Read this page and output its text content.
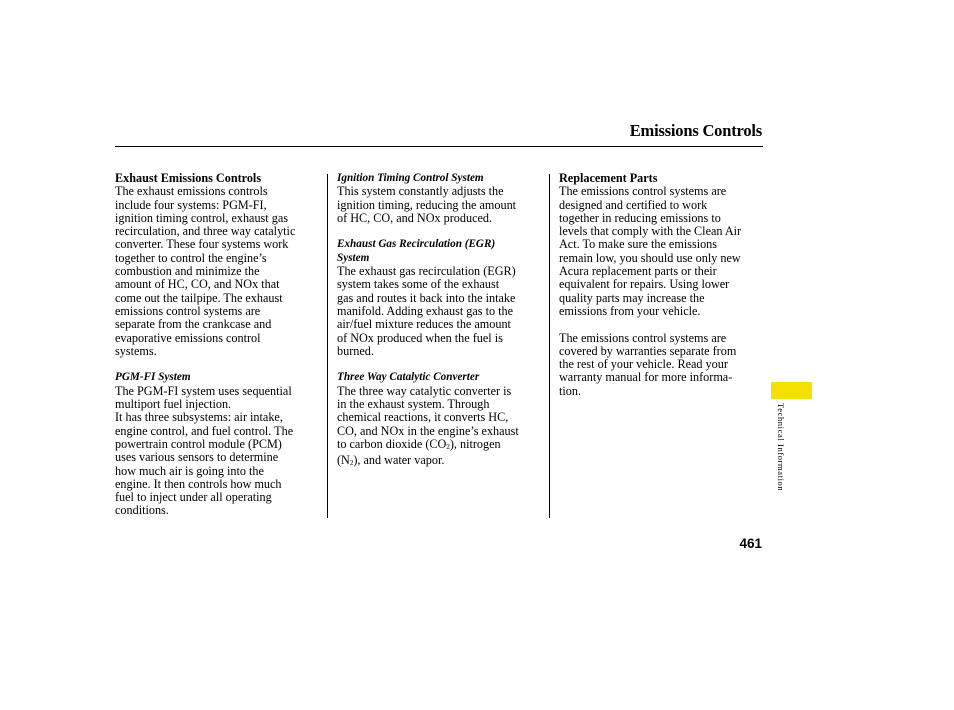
Emissions Controls
Exhaust Emissions Controls

The exhaust emissions controls
include four systems: PGM-FI,
ignition timing control, exhaust gas
recirculation, and three way catalytic
converter. These four systems work
together to control the engine’s
combustion and minimize the
amount of HC, CO, and NOx that
come out the tailpipe. The exhaust
emissions control systems are
separate from the crankcase and
evaporative emissions control
systems.

PGM-FI System

The PGM-FI system uses sequential
multiport fuel injection.
It has three subsystems: air intake,
engine control, and fuel control. The
powertrain control module (PCM)
uses various sensors to determine
how much air is going into the
engine. It then controls how much
fuel to inject under all operating
conditions.

Ignition Timing Control System

This system constantly adjusts the
ignition timing, reducing the amount
of HC, CO, and NOx produced.

Exhaust Gas Recirculation (EGR)
System

The exhaust gas recirculation (EGR)
system takes some of the exhaust
gas and routes it back into the intake
manifold. Adding exhaust gas to the
air/fuel mixture reduces the amount
of NOx produced when the fuel is
burned.

Three Way Catalytic Converter

The three way catalytic converter is
in the exhaust system. Through
chemical reactions, it converts HC,
CO, and NOx in the engine’s exhaust
to carbon dioxide (CO2), nitrogen
(N2), and water vapor.

Replacement Parts

The emissions control systems are
designed and certified to work
together in reducing emissions to
levels that comply with the Clean Air
Act. To make sure the emissions
remain low, you should use only new
Acura replacement parts or their
equivalent for repairs. Using lower
quality parts may increase the
emissions from your vehicle.

The emissions control systems are
covered by warranties separate from
the rest of your vehicle. Read your
warranty manual for more informa-
tion.

Technical Information
461
